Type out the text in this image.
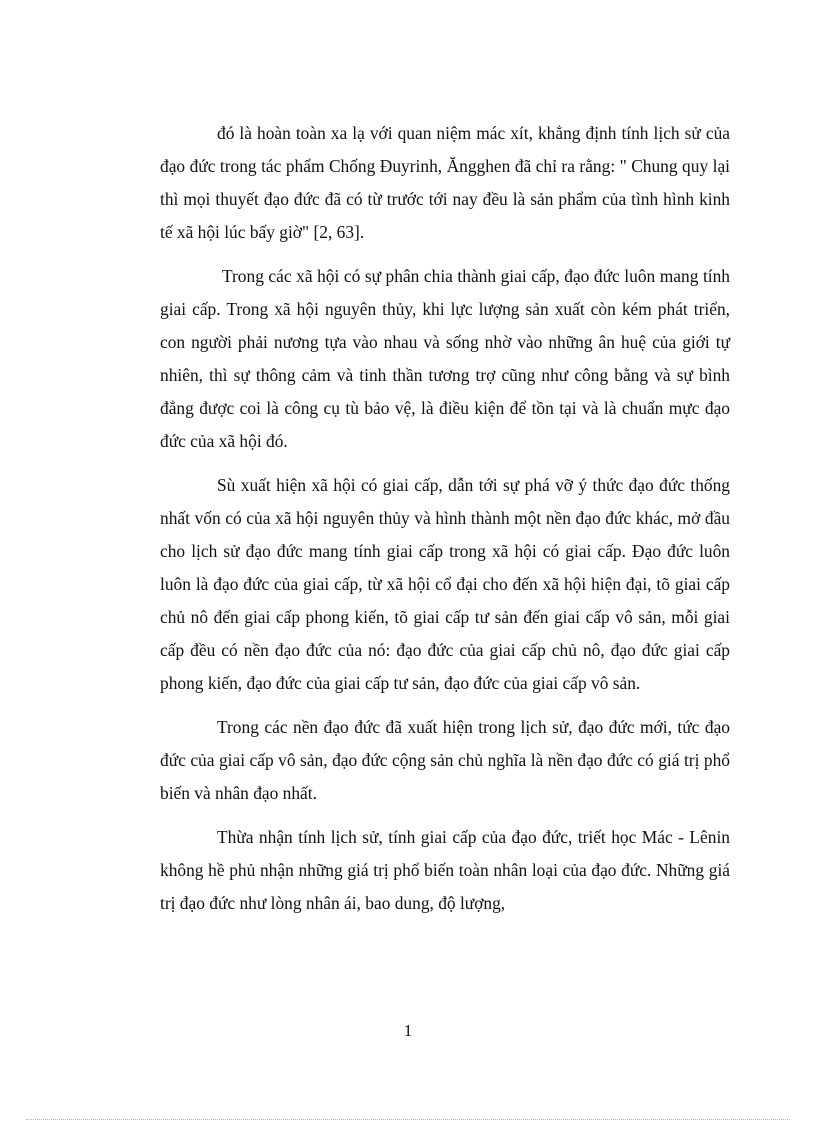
đó là hoàn toàn xa lạ với quan niệm mác xít, khẳng định tính lịch sử của đạo đức trong tác phẩm Chống Đuyrinh, Ăngghen đã chỉ ra rằng: " Chung quy lại thì mọi thuyết đạo đức đã có từ trước tới nay đều là sản phẩm của tình hình kinh tế xã hội lúc bấy giờ" [2, 63].

Trong các xã hội có sự phân chia thành giai cấp, đạo đức luôn mang tính giai cấp. Trong xã hội nguyên thủy, khi lực lượng sản xuất còn kém phát triển, con người phải nương tựa vào nhau và sống nhờ vào những ân huệ của giới tự nhiên, thì sự thông cảm và tinh thần tương trợ cũng như công bằng và sự bình đẳng được coi là công cụ tù bảo vệ, là điều kiện để tồn tại và là chuẩn mực đạo đức của xã hội đó.

Sù xuất hiện xã hội có giai cấp, dẫn tới sự phá vỡ ý thức đạo đức thống nhất vốn có của xã hội nguyên thủy và hình thành một nền đạo đức khác, mở đầu cho lịch sử đạo đức mang tính giai cấp trong xã hội có giai cấp. Đạo đức luôn luôn là đạo đức của giai cấp, từ xã hội cổ đại cho đến xã hội hiện đại, tõ giai cấp chủ nô đến giai cấp phong kiến, tõ giai cấp tư sản đến giai cấp vô sản, mỗi giai cấp đều có nền đạo đức của nó: đạo đức của giai cấp chủ nô, đạo đức giai cấp phong kiến, đạo đức của giai cấp tư sản, đạo đức của giai cấp vô sản.

Trong các nền đạo đức đã xuất hiện trong lịch sử, đạo đức mới, tức đạo đức của giai cấp vô sản, đạo đức cộng sản chủ nghĩa là nền đạo đức có giá trị phổ biến và nhân đạo nhất.

Thừa nhận tính lịch sử, tính giai cấp của đạo đức, triết học Mác - Lênin không hề phủ nhận những giá trị phổ biến toàn nhân loại của đạo đức. Những giá trị đạo đức như lòng nhân ái, bao dung, độ lượng,

1
